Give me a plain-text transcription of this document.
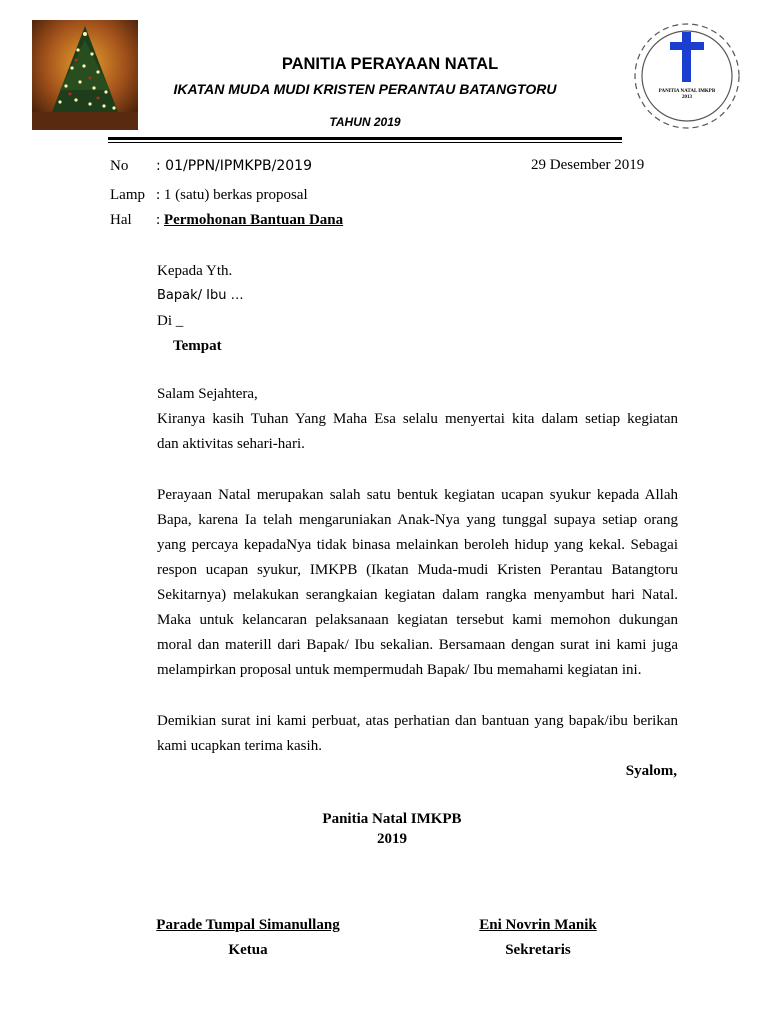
PANITIA PERAYAAN NATAL
IKATAN MUDA MUDI KRISTEN PERANTAU BATANGTORU
TAHUN 2019
PANITIA NATAL IMKPB
2013
No : 01/PPN/IPMKPB/2019	29 Desember 2019
Lamp : 1 (satu) berkas proposal
Hal : Permohonan Bantuan Dana
Kepada Yth.
Bapak/ Ibu …
Di _
Tempat
Salam Sejahtera,
Kiranya kasih Tuhan Yang Maha Esa selalu menyertai kita dalam setiap kegiatan
dan aktivitas sehari-hari.
Perayaan Natal merupakan salah satu bentuk kegiatan ucapan syukur kepada Allah
Bapa, karena Ia telah mengaruniakan Anak-Nya yang tunggal supaya setiap orang
yang percaya kepadaNya tidak binasa melainkan beroleh hidup yang kekal. Sebagai
respon ucapan syukur, IMKPB (Ikatan Muda-mudi Kristen Perantau Batangtoru
Sekitarnya) melakukan serangkaian kegiatan dalam rangka menyambut hari Natal.
Maka untuk kelancaran pelaksanaan kegiatan tersebut kami memohon dukungan
moral dan materill dari Bapak/ Ibu sekalian. Bersamaan dengan surat ini kami juga
melampirkan proposal untuk mempermudah Bapak/ Ibu memahami kegiatan ini.
Demikian surat ini kami perbuat, atas perhatian dan bantuan yang bapak/ibu berikan
kami ucapkan terima kasih.
Syalom,
Panitia Natal IMKPB
2019
Parade Tumpal Simanullang
Ketua
Eni Novrin Manik
Sekretaris
